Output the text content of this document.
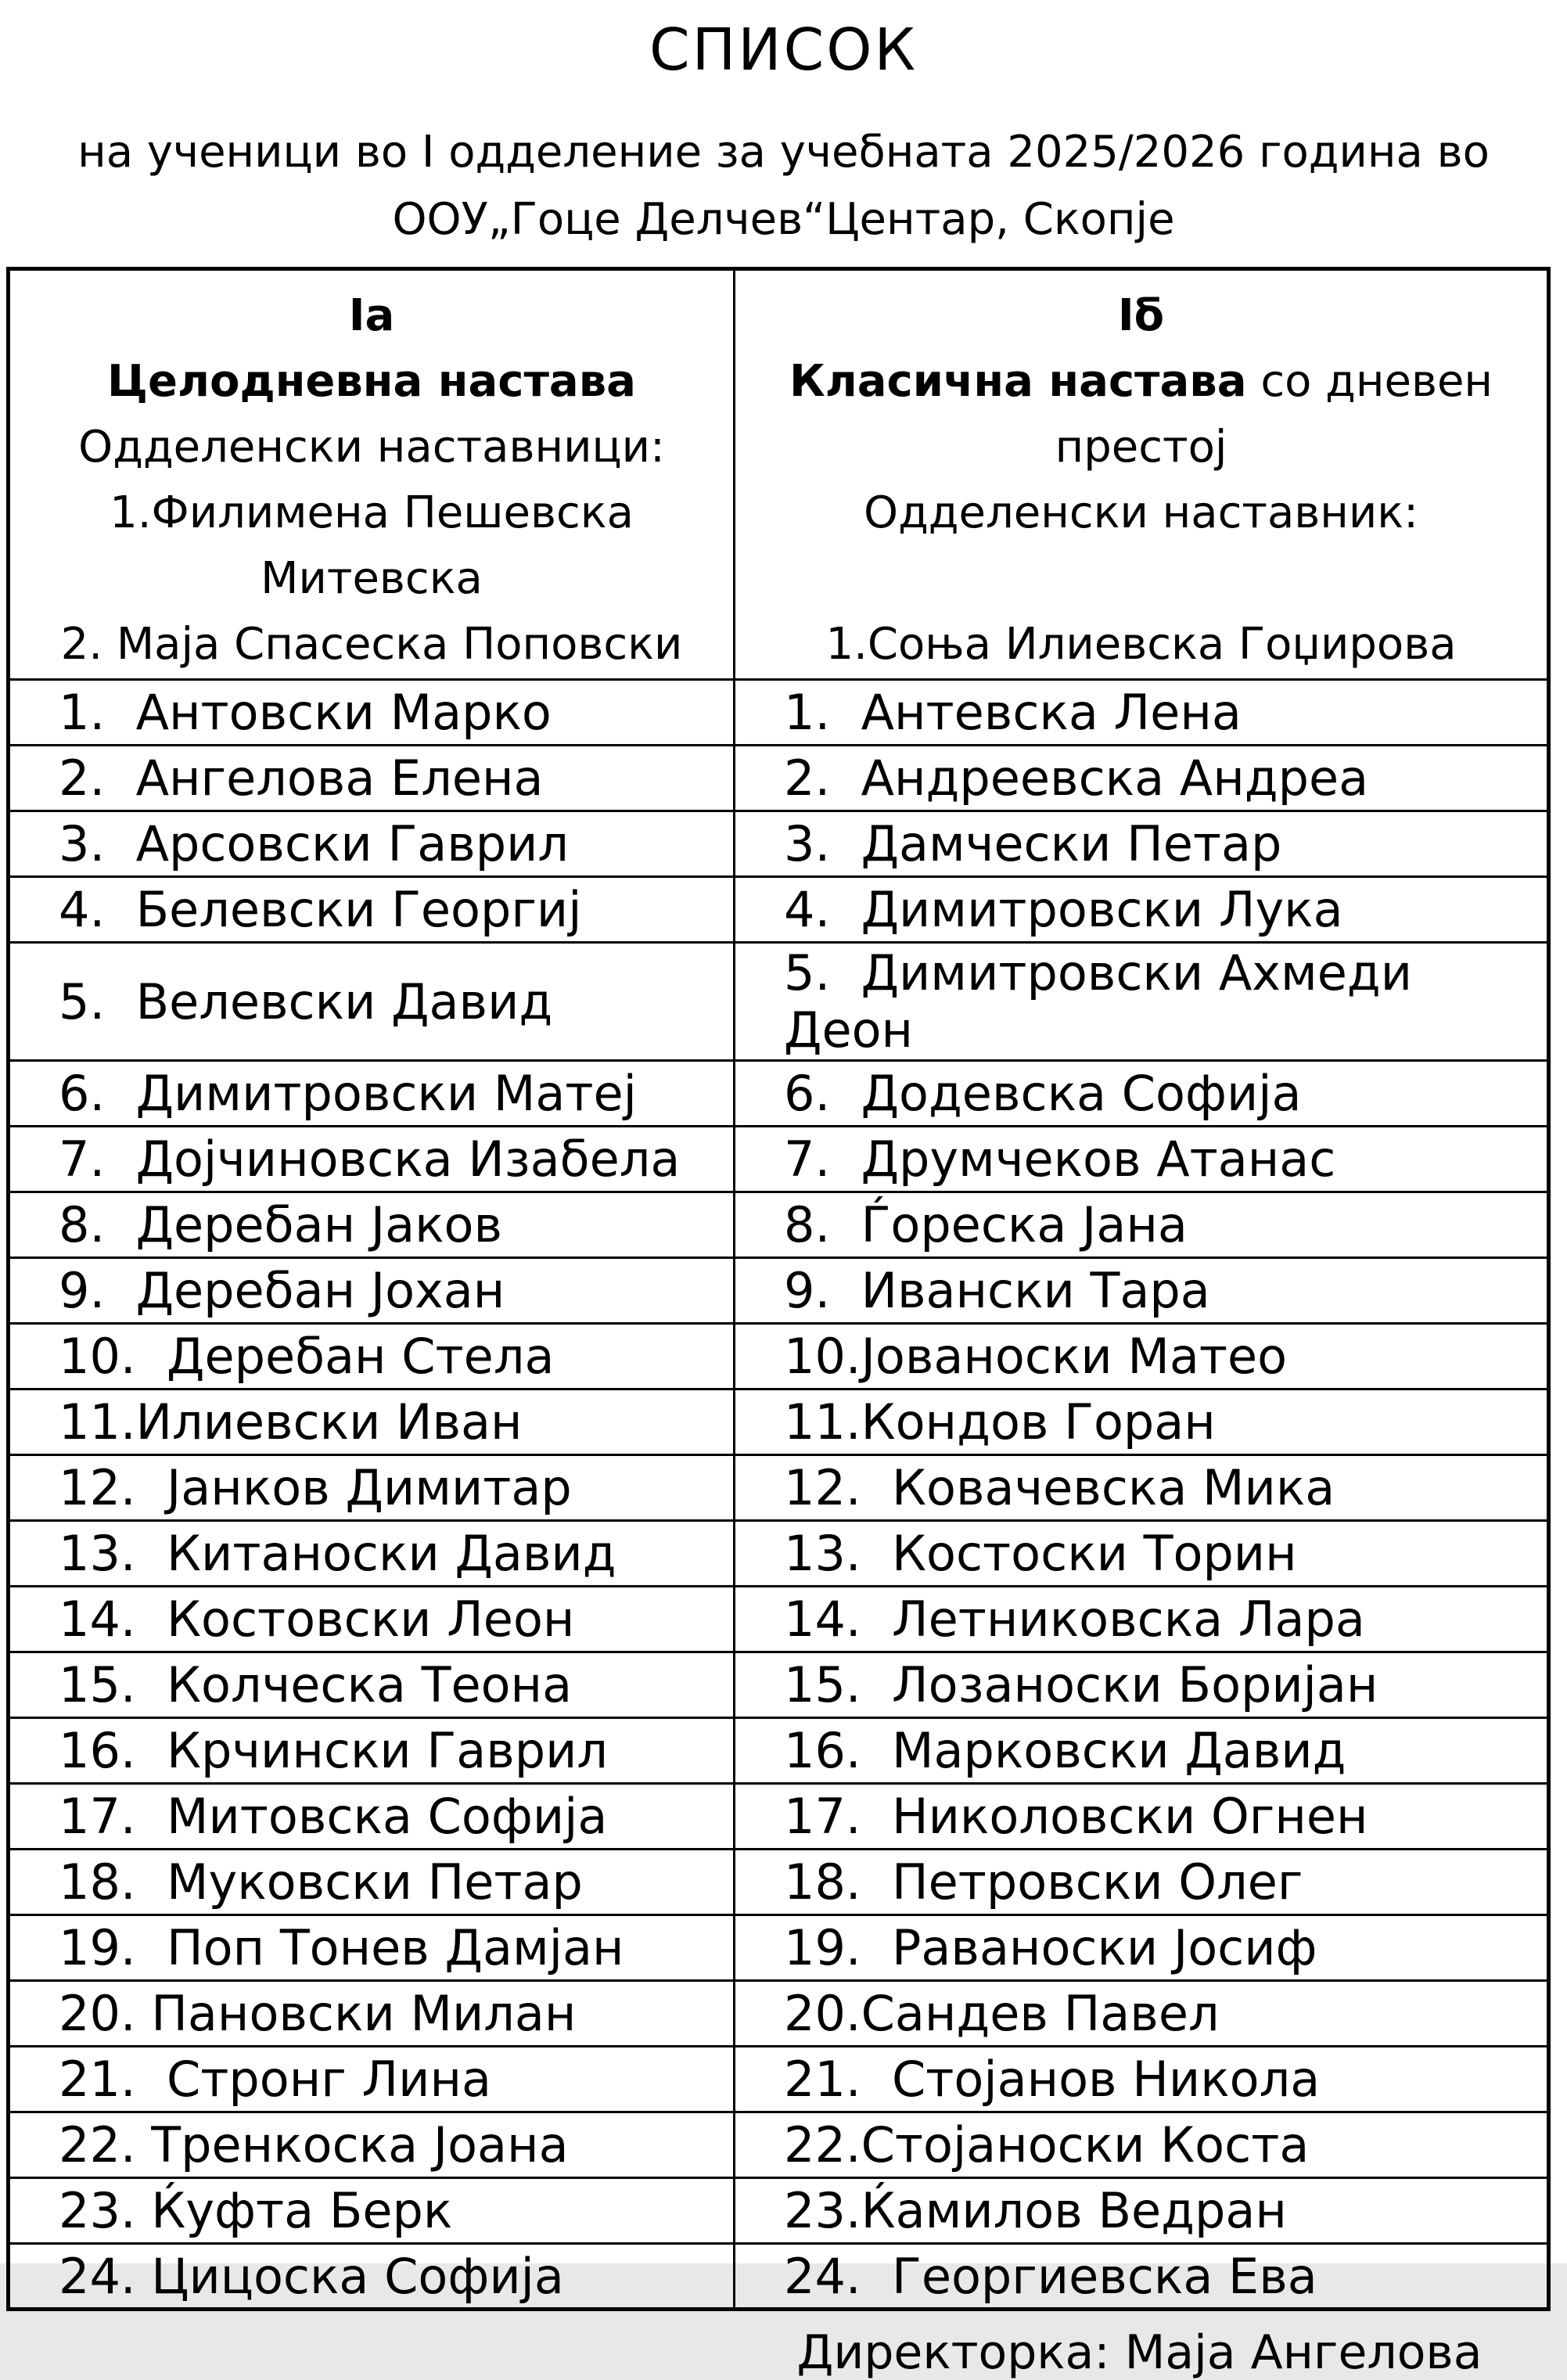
СПИСОК
на ученици во I одделение за учебната 2025/2026 година во
ООУ„Гоце Делчев“Центар, Скопје
Iа
Целодневна настава
Одделенски наставници:
1.Филимена Пешевска Митевска
2. Маја Спасеска Поповски

Iб
Класична настава со дневен престој
Одделенски наставник:
1.Соња Илиевска Гоџирова

1.  Антовски Марко	1.  Антевска Лена
2.  Ангелова Елена	2.  Андреевска Андреа
3.  Арсовски Гаврил	3.  Дамчески Петар
4.  Белевски Георгиј	4.  Димитровски Лука
5.  Велевски Давид	5.  Димитровски Ахмеди Деон
6.  Димитровски Матеј	6.  Додевска Софија
7.  Дојчиновска Изабела	7.  Друмчеков Атанас
8.  Деребан Јаков	8.  Ѓореска Јана
9.  Деребан Јохан	9.  Ивански Тара
10.  Деребан Стела	10.Јованоски Матео
11.Илиевски Иван	11.Кондов Горан
12.  Јанков Димитар	12.  Ковачевска Мика
13.  Китаноски Давид	13.  Костоски Торин
14.  Костовски Леон	14.  Летниковска Лара
15.  Колческа Теона	15.  Лозаноски Боријан
16.  Крчински Гаврил	16.  Марковски Давид
17.  Митовска Софија	17.  Николовски Огнен
18.  Муковски Петар	18.  Петровски Олег
19.  Поп Тонев Дамјан	19.  Раваноски Јосиф
20. Пановски Милан	20.Сандев Павел
21.  Стронг Лина	21.  Стојанов Никола
22. Тренкоска Јоана	22.Стојаноски Коста
23. Ќуфта Берк	23.Ќамилов Ведран
24. Цицоска Софија	24.  Георгиевска Ева
Директорка: Маја Ангелова
